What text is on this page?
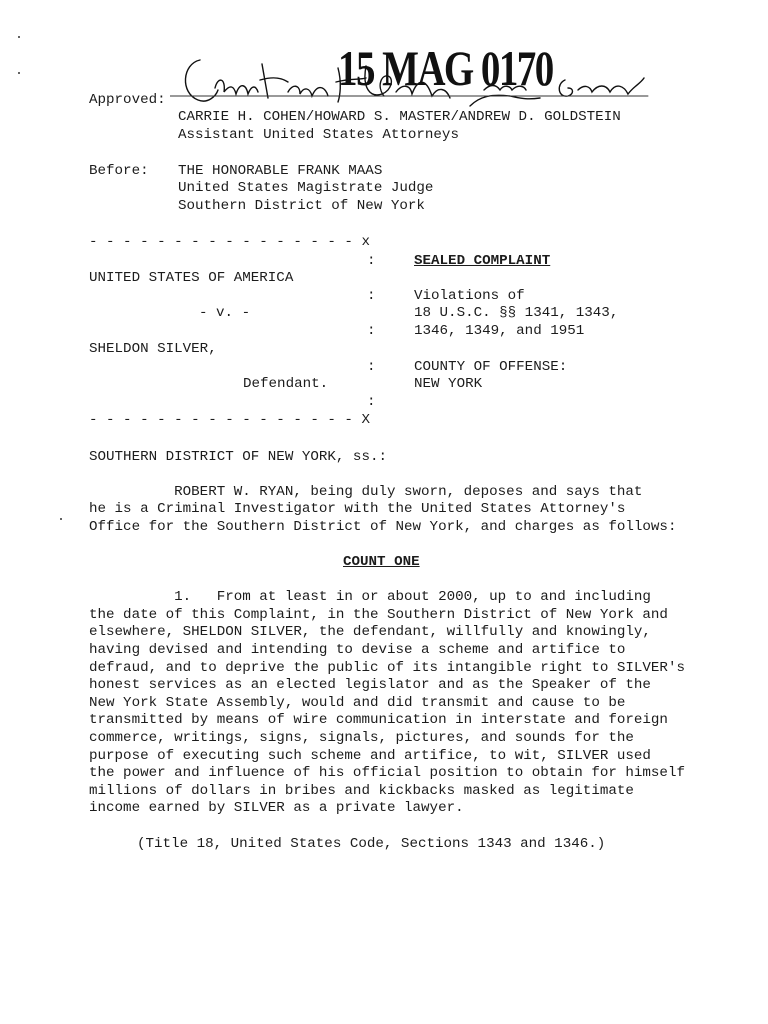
15 MAG 0170
Approved:
CARRIE H. COHEN/HOWARD S. MASTER/ANDREW D. GOLDSTEIN
Assistant United States Attorneys
Before: THE HONORABLE FRANK MAAS
United States Magistrate Judge
Southern District of New York
- - - - - - - - - - - - - - - - x
:	SEALED COMPLAINT
UNITED STATES OF AMERICA
:	Violations of
- v. -	18 U.S.C. §§ 1341, 1343,
:	1346, 1349, and 1951
SHELDON SILVER,
:	COUNTY OF OFFENSE:
Defendant.	NEW YORK
:
- - - - - - - - - - - - - - - - X
SOUTHERN DISTRICT OF NEW YORK, ss.:
ROBERT W. RYAN, being duly sworn, deposes and says that
he is a Criminal Investigator with the United States Attorney's
Office for the Southern District of New York, and charges as follows:
COUNT ONE
1.   From at least in or about 2000, up to and including
the date of this Complaint, in the Southern District of New York and
elsewhere, SHELDON SILVER, the defendant, willfully and knowingly,
having devised and intending to devise a scheme and artifice to
defraud, and to deprive the public of its intangible right to SILVER's
honest services as an elected legislator and as the Speaker of the
New York State Assembly, would and did transmit and cause to be
transmitted by means of wire communication in interstate and foreign
commerce, writings, signs, signals, pictures, and sounds for the
purpose of executing such scheme and artifice, to wit, SILVER used
the power and influence of his official position to obtain for himself
millions of dollars in bribes and kickbacks masked as legitimate
income earned by SILVER as a private lawyer.
(Title 18, United States Code, Sections 1343 and 1346.)
